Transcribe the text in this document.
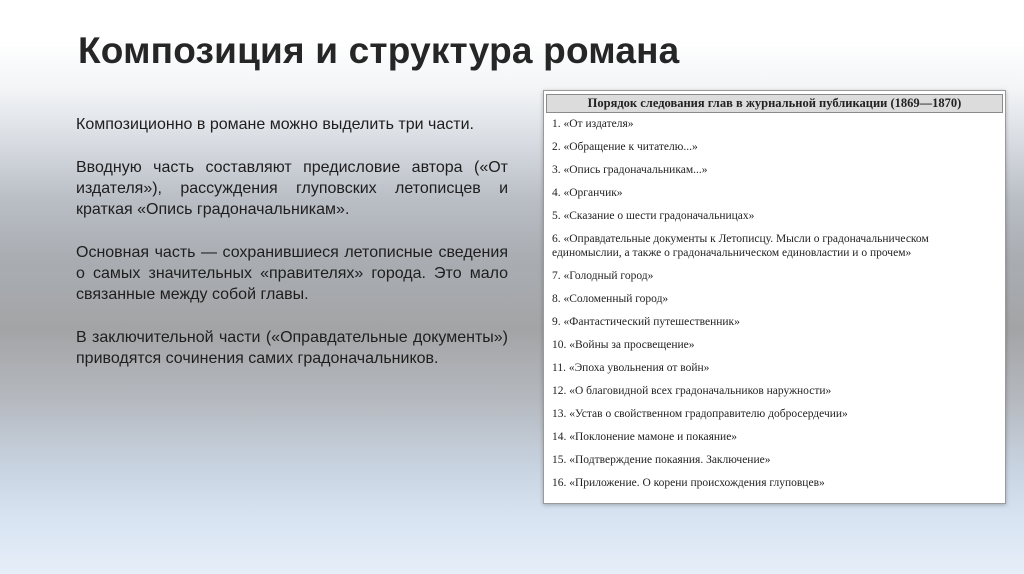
Композиция и структура романа

Композиционно в романе можно выделить три части.

Вводную часть составляют предисловие автора («От издателя»), рассуждения глуповских летописцев и краткая «Опись градоначальникам».

Основная часть — сохранившиеся летописные сведения о самых значительных «правителях» города. Это мало связанные между собой главы.

В заключительной части («Оправдательные документы») приводятся сочинения самих градоначальников.

Порядок следования глав в журнальной публикации (1869—1870)
1. «От издателя»
2. «Обращение к читателю...»
3. «Опись градоначальникам...»
4. «Органчик»
5. «Сказание о шести градоначальницах»
6. «Оправдательные документы к Летописцу. Мысли о градоначальническом единомыслии, а также о градоначальническом единовластии и о прочем»
7. «Голодный город»
8. «Соломенный город»
9. «Фантастический путешественник»
10. «Войны за просвещение»
11. «Эпоха увольнения от войн»
12. «О благовидной всех градоначальников наружности»
13. «Устав о свойственном градоправителю добросердечии»
14. «Поклонение мамоне и покаяние»
15. «Подтверждение покаяния. Заключение»
16. «Приложение. О корени происхождения глуповцев»
